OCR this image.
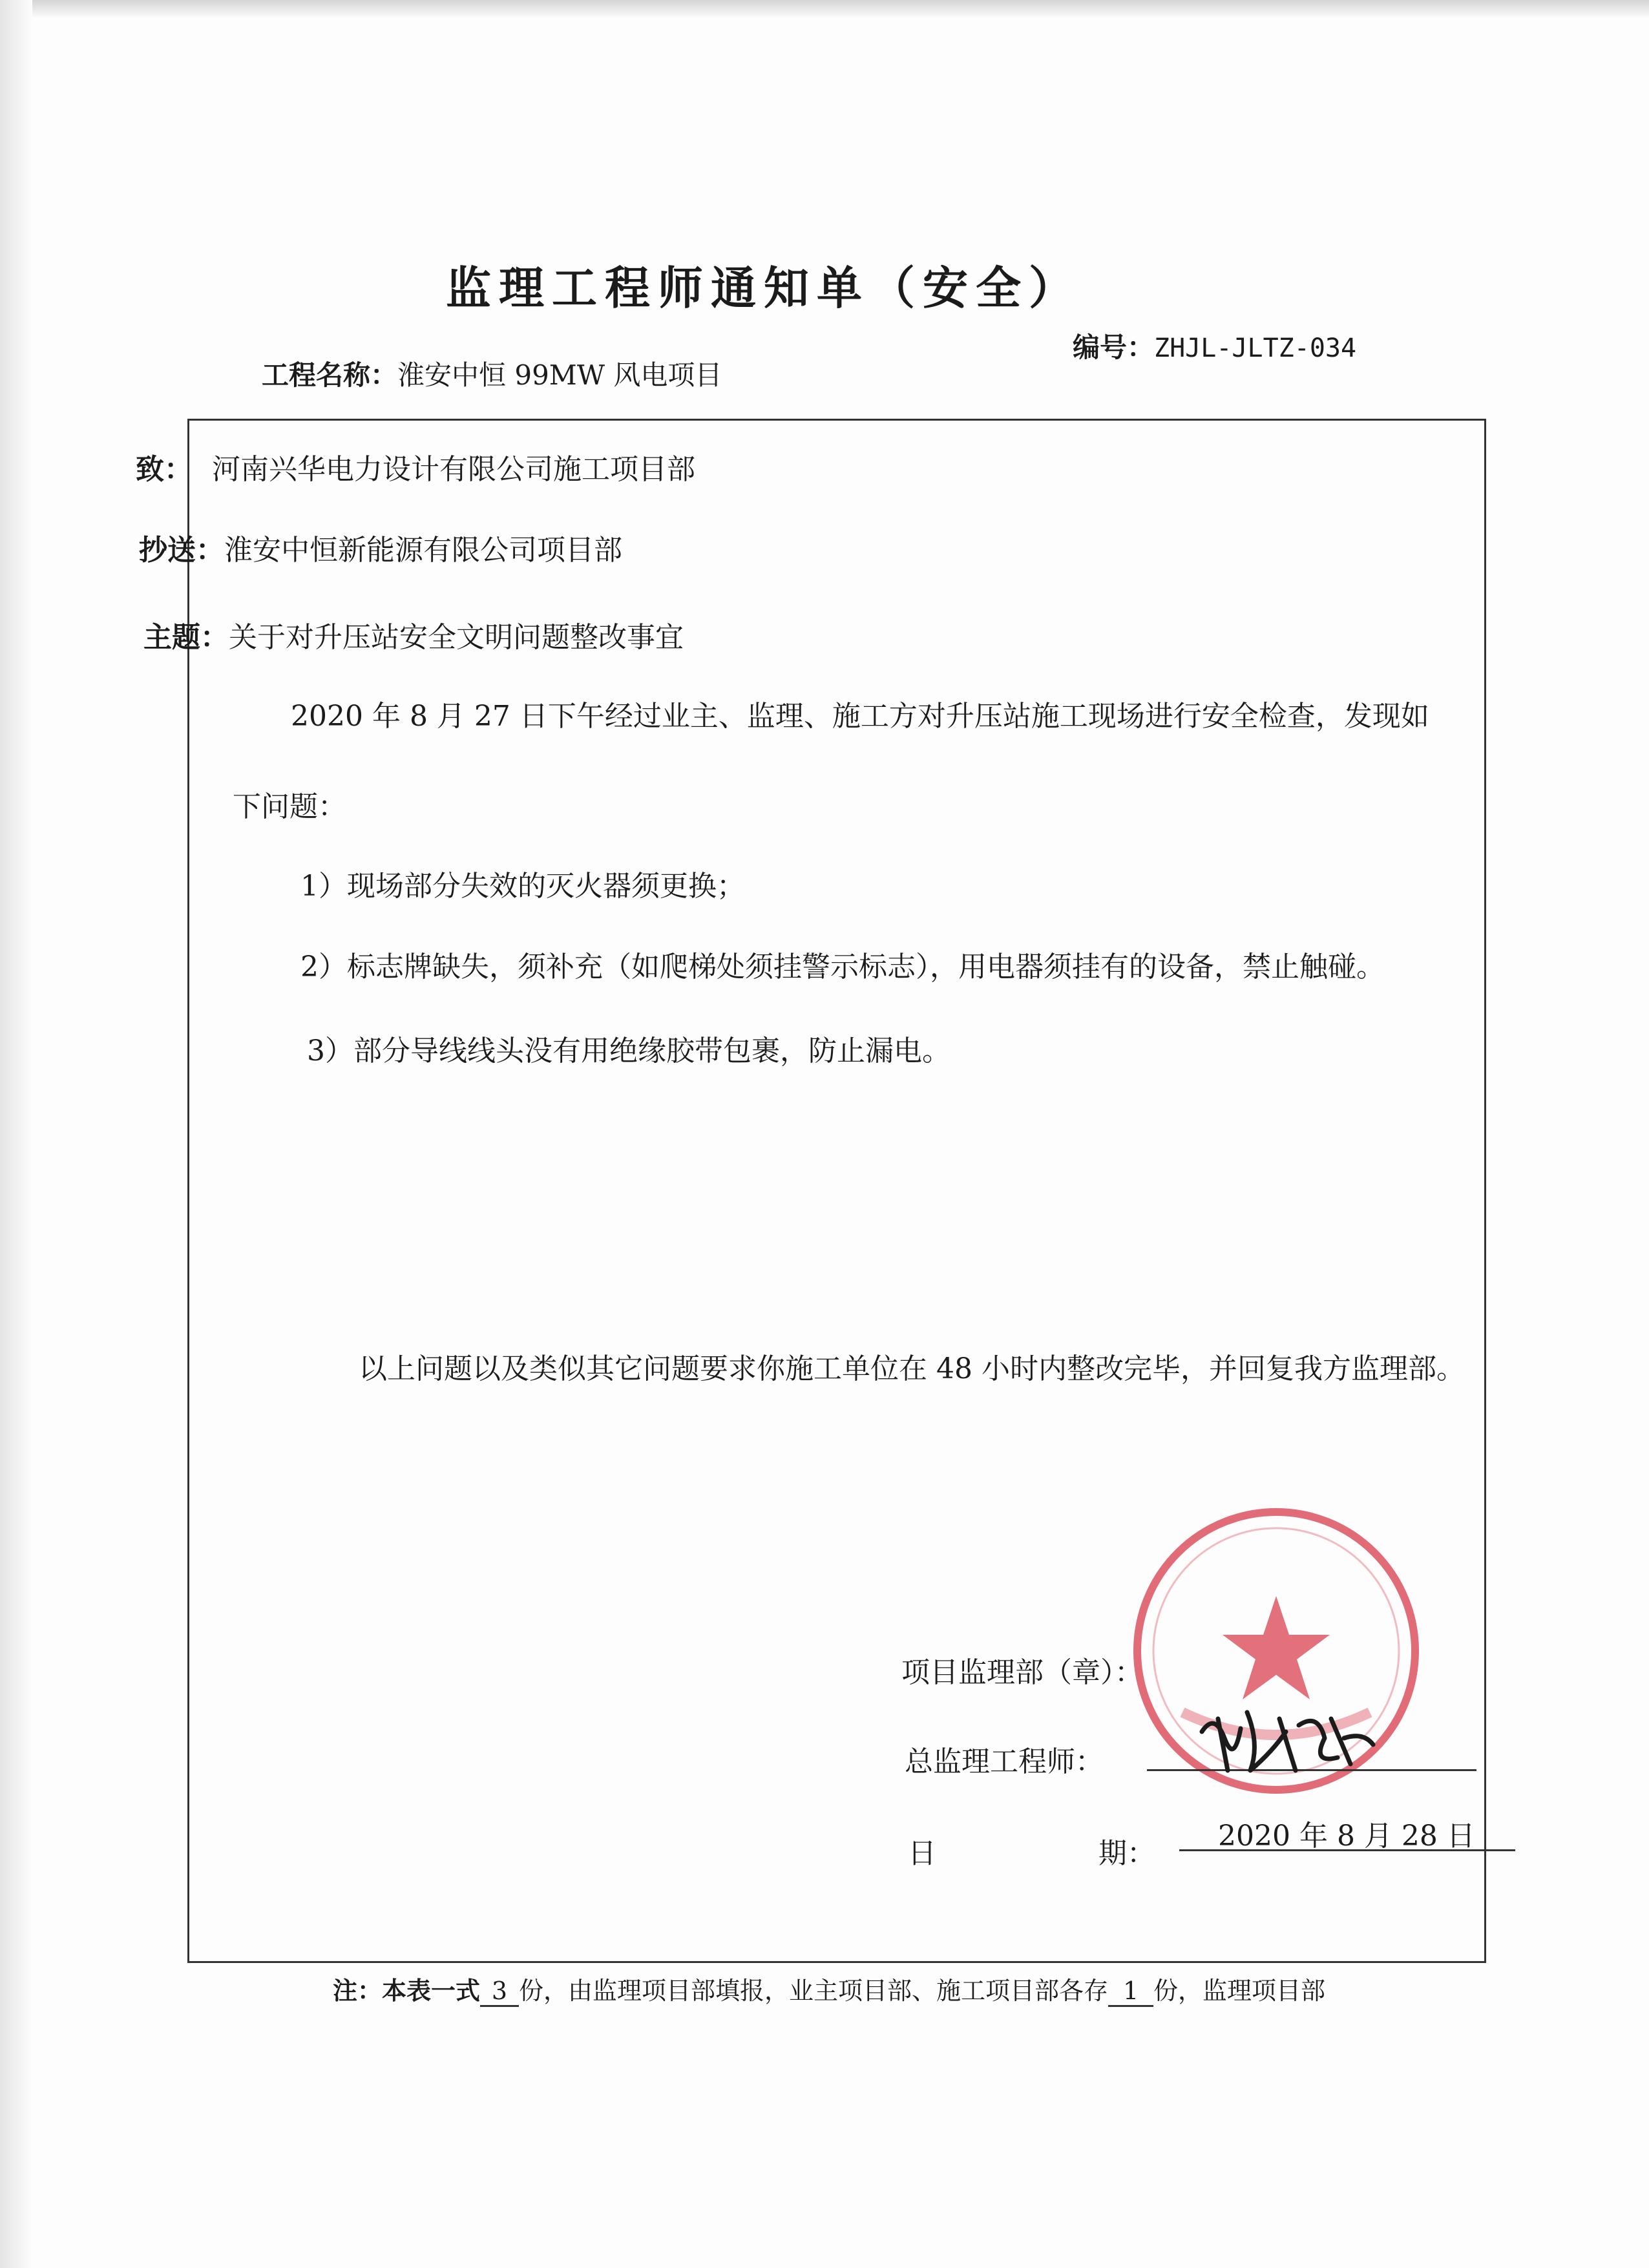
监理工程师通知单（安全）
工程名称：淮安中恒 99MW 风电项目
编号：ZHJL-JLTZ-034
致： 河南兴华电力设计有限公司施工项目部
抄送：淮安中恒新能源有限公司项目部
主题：关于对升压站安全文明问题整改事宜
2020 年 8 月 27 日下午经过业主、监理、施工方对升压站施工现场进行安全检查，发现如
下问题：
1）现场部分失效的灭火器须更换；
2）标志牌缺失，须补充（如爬梯处须挂警示标志），用电器须挂有的设备，禁止触碰。
3）部分导线线头没有用绝缘胶带包裹，防止漏电。
以上问题以及类似其它问题要求你施工单位在 48 小时内整改完毕，并回复我方监理部。
项目监理部（章）：
总监理工程师：
日	期：
2020 年 8 月 28 日
注：本表一式 3 份，由监理项目部填报，业主项目部、施工项目部各存 1 份，监理项目部
